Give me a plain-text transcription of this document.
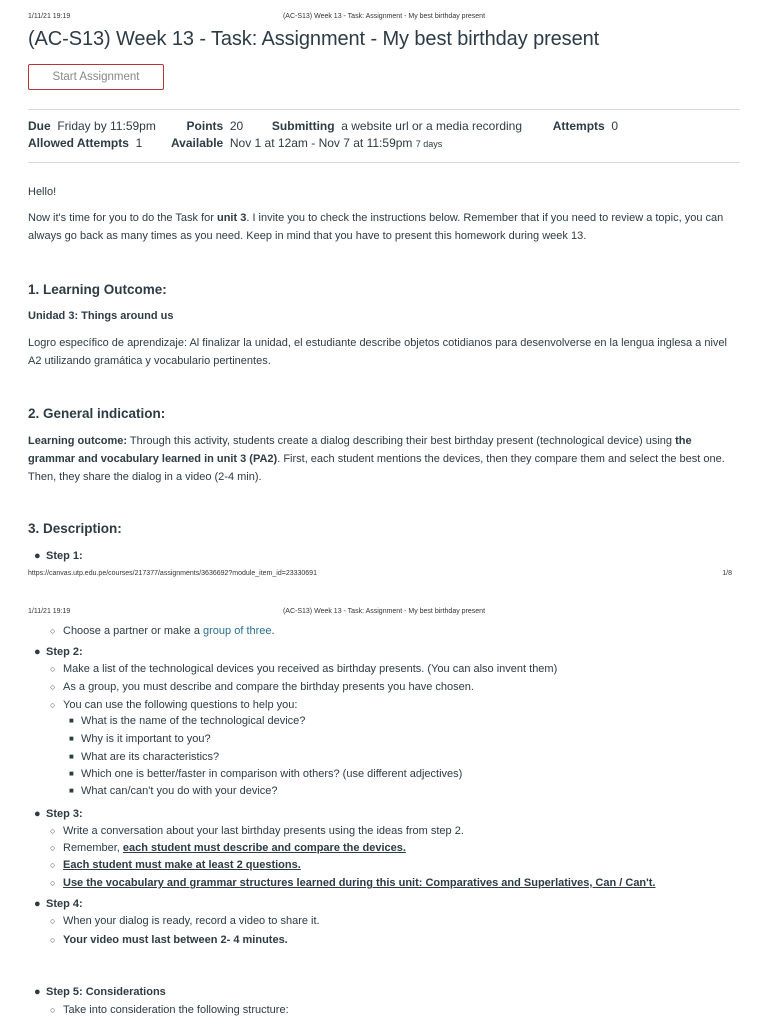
1/11/21 19:19	(AC-S13) Week 13 - Task: Assignment - My best birthday present
(AC-S13) Week 13 - Task: Assignment - My best birthday present
Start Assignment
Due Friday by 11:59pm	Points 20 Submitting a website url or a media recording	Attempts 0
Allowed Attempts 1 Available Nov 1 at 12am - Nov 7 at 11:59pm 7 days

Hello!

Now it's time for you to do the Task for unit 3. I invite you to check the instructions below. Remember that if you need to review a topic, you can always go back as many times as you need. Keep in mind that you have to present this homework during week 13.

1. Learning Outcome:

Unidad 3: Things around us

Logro específico de aprendizaje: Al finalizar la unidad, el estudiante describe objetos cotidianos para desenvolverse en la lengua inglesa a nivel A2 utilizando gramática y vocabulario pertinentes.

2. General indication:

Learning outcome: Through this activity, students create a dialog describing their best birthday present (technological device) using the grammar and vocabulary learned in unit 3 (PA2). First, each student mentions the devices, then they compare them and select the best one. Then, they share the dialog in a video (2-4 min).

3. Description:

● Step 1:
https://canvas.utp.edu.pe/courses/217377/assignments/3636692?module_item_id=23330691	1/8
1/11/21 19:19	(AC-S13) Week 13 - Task: Assignment - My best birthday present
○ Choose a partner or make a group of three.
● Step 2:
○ Make a list of the technological devices you received as birthday presents. (You can also invent them)
○ As a group, you must describe and compare the birthday presents you have chosen.
○ You can use the following questions to help you:
■ What is the name of the technological device?
■ Why is it important to you?
■ What are its characteristics?
■ Which one is better/faster in comparison with others? (use different adjectives)
■ What can/can't you do with your device?
● Step 3:
○ Write a conversation about your last birthday presents using the ideas from step 2.
○ Remember, each student must describe and compare the devices.
○ Each student must make at least 2 questions.
○ Use the vocabulary and grammar structures learned during this unit: Comparatives and Superlatives, Can / Can't.
● Step 4:
○ When your dialog is ready, record a video to share it.
○ Your video must last between 2- 4 minutes.
● Step 5: Considerations
○ Take into consideration the following structure:
